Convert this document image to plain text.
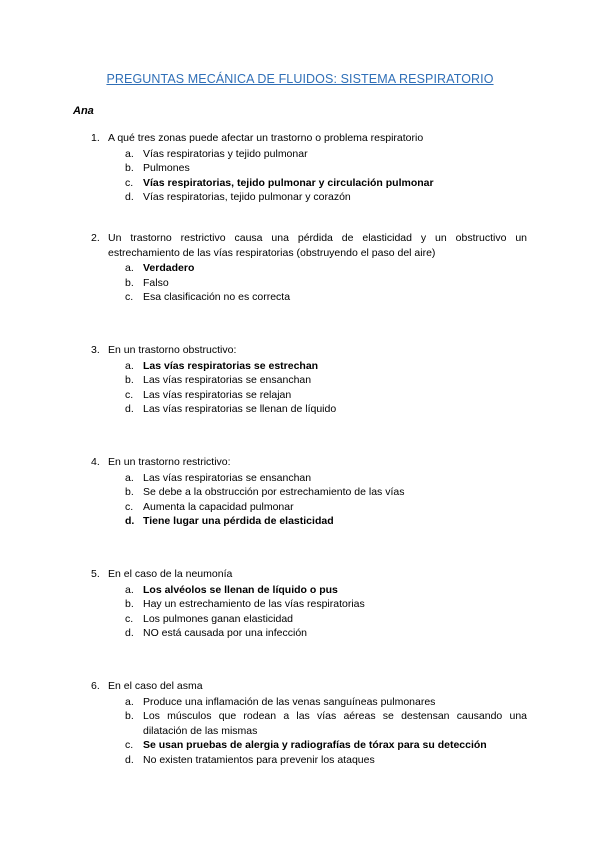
PREGUNTAS MECÁNICA DE FLUIDOS: SISTEMA RESPIRATORIO
Ana
1. A qué tres zonas puede afectar un trastorno o problema respiratorio
a. Vías respiratorias y tejido pulmonar
b. Pulmones
c. Vías respiratorias, tejido pulmonar y circulación pulmonar
d. Vías respiratorias, tejido pulmonar y corazón
2. Un trastorno restrictivo causa una pérdida de elasticidad y un obstructivo un estrechamiento de las vías respiratorias (obstruyendo el paso del aire)
a. Verdadero
b. Falso
c. Esa clasificación no es correcta
3. En un trastorno obstructivo:
a. Las vías respiratorias se estrechan
b. Las vías respiratorias se ensanchan
c. Las vías respiratorias se relajan
d. Las vías respiratorias se llenan de líquido
4. En un trastorno restrictivo:
a. Las vías respiratorias se ensanchan
b. Se debe a la obstrucción por estrechamiento de las vías
c. Aumenta la capacidad pulmonar
d. Tiene lugar una pérdida de elasticidad
5. En el caso de la neumonía
a. Los alvéolos se llenan de líquido o pus
b. Hay un estrechamiento de las vías respiratorias
c. Los pulmones ganan elasticidad
d. NO está causada por una infección
6. En el caso del asma
a. Produce una inflamación de las venas sanguíneas pulmonares
b. Los músculos que rodean a las vías aéreas se destensan causando una dilatación de las mismas
c. Se usan pruebas de alergia y radiografías de tórax para su detección
d. No existen tratamientos para prevenir los ataques
